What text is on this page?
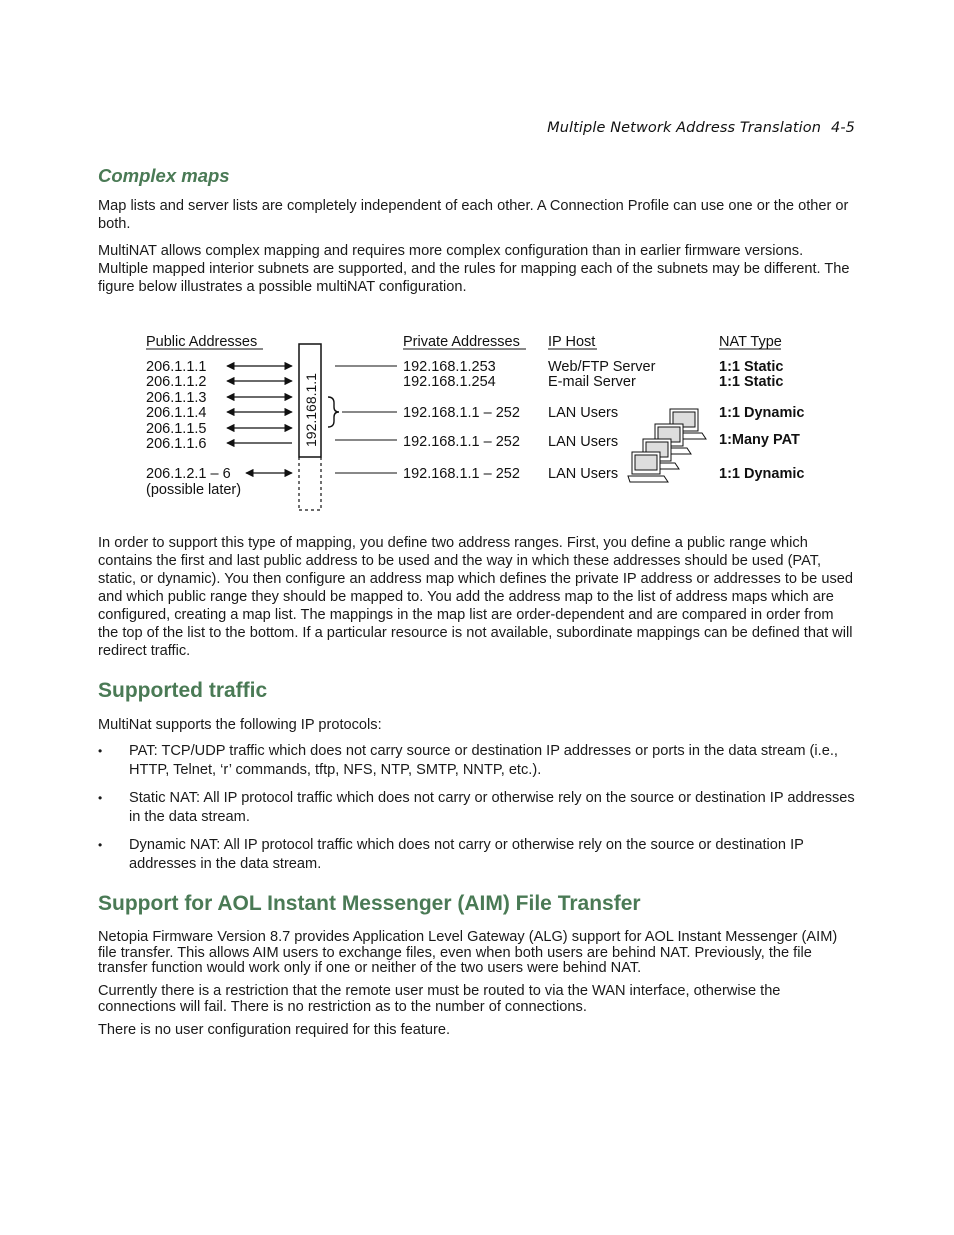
Multiple Network Address Translation 4-5
Complex maps

Map lists and server lists are completely independent of each other. A Connection Profile can use one or the other or both.

MultiNAT allows complex mapping and requires more complex configuration than in earlier firmware versions. Multiple mapped interior subnets are supported, and the rules for mapping each of the subnets may be different. The figure below illustrates a possible multiNAT configuration.

Public Addresses	Private Addresses IP Host	NAT Type
206.1.1.1
206.1.1.2
206.1.1.3
206.1.1.4
206.1.1.5
206.1.1.6
206.1.2.1 – 6
(possible later)
192.168.1.1
192.168.1.253
192.168.1.254
192.168.1.1 – 252
192.168.1.1 – 252
192.168.1.1 – 252
Web/FTP Server
E-mail Server
LAN Users
LAN Users
LAN Users
1:1 Static
1:1 Static
1:1 Dynamic
1:Many PAT
1:1 Dynamic

In order to support this type of mapping, you define two address ranges. First, you define a public range which contains the first and last public address to be used and the way in which these addresses should be used (PAT, static, or dynamic). You then configure an address map which defines the private IP address or addresses to be used and which public range they should be mapped to. You add the address map to the list of address maps which are configured, creating a map list. The mappings in the map list are order-dependent and are compared in order from the top of the list to the bottom. If a particular resource is not available, subordinate mappings can be defined that will redirect traffic.

Supported traffic

MultiNat supports the following IP protocols:

• PAT: TCP/UDP traffic which does not carry source or destination IP addresses or ports in the data stream (i.e., HTTP, Telnet, ‘r’ commands, tftp, NFS, NTP, SMTP, NNTP, etc.).
• Static NAT: All IP protocol traffic which does not carry or otherwise rely on the source or destination IP addresses in the data stream.
• Dynamic NAT: All IP protocol traffic which does not carry or otherwise rely on the source or destination IP addresses in the data stream.
Support for AOL Instant Messenger (AIM) File Transfer

Netopia Firmware Version 8.7 provides Application Level Gateway (ALG) support for AOL Instant Messenger (AIM) file transfer. This allows AIM users to exchange files, even when both users are behind NAT. Previously, the file transfer function would work only if one or neither of the two users were behind NAT.

Currently there is a restriction that the remote user must be routed to via the WAN interface, otherwise the connections will fail. There is no restriction as to the number of connections.

There is no user configuration required for this feature.
